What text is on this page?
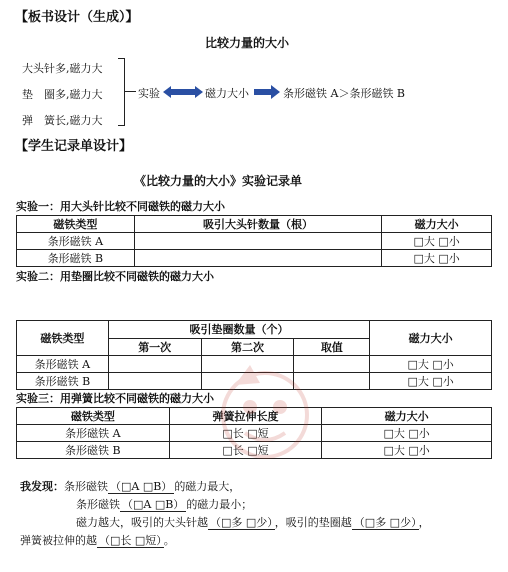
【板书设计（生成）】
比较力量的大小
大头针多,磁力大
垫　圈多,磁力大
弹　簧长,磁力大
实验	磁力大小	条形磁铁 A＞条形磁铁 B
【学生记录单设计】
《比较力量的大小》实验记录单
实验一：用大头针比较不同磁铁的磁力大小
磁铁类型	吸引大头针数量（根）	磁力大小
条形磁铁 A		□大 □小
条形磁铁 B		□大 □小
实验二：用垫圈比较不同磁铁的磁力大小
磁铁类型	吸引垫圈数量（个）			磁力大小
	第一次	第二次	取值	
条形磁铁 A				□大 □小
条形磁铁 B				□大 □小
实验三：用弹簧比较不同磁铁的磁力大小
磁铁类型	弹簧拉伸长度	磁力大小
条形磁铁 A	□长 □短	□大 □小
条形磁铁 B	□长 □短	□大 □小
我发现：条形磁铁 （□A □B） 的磁力最大，
条形磁铁 （□A □B） 的磁力最小；
磁力越大，吸引的大头针越 （□多 □少） ，吸引的垫圈越 （□多 □少） ，
弹簧被拉伸的越 （□长 □短） 。
